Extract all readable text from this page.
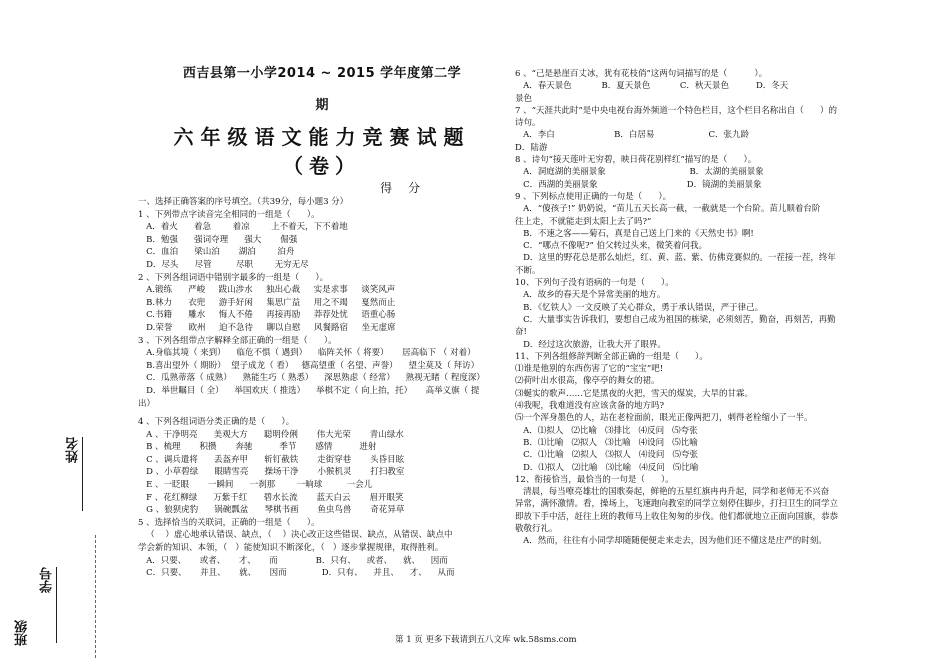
姓名
学号
班级
西吉县第一小学2014 ~ 2015 学年度第二学
期
六年级语文能力竞赛试题
（卷）
得 分
一、选择正确答案的序号填空。（共39分，每小题3 分）
1 、下列带点字读音完全相同的一组是（      ）。
A．着火      着急        着凉        上不着天，下不着地
B．勉强      强词夺理      强大       倔强
C．血泊      梁山泊       湖泊        泊舟
D．尽头      尽管         尽职        无穷无尽
2 、下列各组词语中错别字最多的一组是（      ）。
A.锻练      严峻     跋山涉水     独出心裁     实是求事     谈笑风声
B.林力      衣兜     游手好闲     集思广益     用之不竭     戛然而止
C.书籍      雕水     悔人不倦     再接再励     莽荐处忧     语重心肠
D.荣誉      欧州     迫不急待     聊以自慰     风餐路宿     坐无虚席
3 、下列各组带点字解释全部正确的一组是（      ）。
A.身临其境（ 来到）    临危不惧（ 遇到）    临阵关怀（ 将要）     居高临下 （ 对着）
B.喜出望外（ 期盼）  望子成龙（ 看）   德高望重（ 名望、声誉）    望尘莫及（ 拜访）
C．瓜熟蒂落（ 成熟）    熟能生巧（ 熟悉）    深思熟虑（ 经常）    熟视无睹（ 程度深）
D．举世瞩目（ 全）    举国欢庆（ 推选）    举棋不定（ 向上抬，托）     高举义旗（ 提
出）
4 、下列各组词语分类正确的是（      ）。
A 、干净明亮      美观大方      聪明伶俐       伟大光荣       青山绿水
B 、梳理       积攒       奔驰          季节       感情          进射
C 、调兵遣将      丢盔弃甲      斩钉截铁       走街穿巷       头昏目眩
D 、小草碧绿      眼睛雪亮      操场干净       小猴机灵       打扫教室
E 、一眨眼       一瞬间      一刹那        一晌球         一会儿
F 、花红柳绿      万紫千红      碧水长流       蓝天白云       眉开眼笑
G 、狼狈虎豹      锅碗瓢盆      琴棋书画       鱼虫鸟兽       奇花异草
5 、选择恰当的关联词，正确的一组是（      ）。
（    ）虚心地承认错误、缺点，（    ）决心改正这些错误、缺点，从错误、缺点中
学会新的知识、本领，（   ）能使知识不断深化，（   ）逐步掌握规律，取得胜利。
A．只要、     或者、     才、     而              B．只有、    或者、    就、    因而
C．只要、     并且、     就、     因而             D．只有、    并且、    才、    从而
6 、“己是悬崖百丈冰，犹有花枝俏”这两句词描写的是（          ）。
A．春天景色           B．夏天景色           C．秋天景色          D．冬天
景色
7 、“天涯共此时”是中央电视台海外频道一个特色栏目，这个栏目名称出自（      ）的
诗句。
A．李白                      B．白居易                    C．张九龄
D．陆游
8 、诗句“接天莲叶无穷碧，映日荷花别样红”描写的是（      ）。
A．洞庭湖的美丽景象                               B．太湖的美丽景象
C．西湖的美丽景象                                 D．镜湖的美丽景象
9 、下列标点使用正确的一句是（      ）。
A．“傻孩子!” 奶奶说，“苗儿五天长高一截，一截就是一个台阶。苗儿顺着台阶
往上走，不就能走到太阳上去了吗?”
B．不速之客——菊石，真是自己送上门来的《天然史书》啊!
C．“哪点不像呢?” 伯父转过头来，微笑着问我。
D．这里的野花总是那么灿烂，红、黄、蓝、紫、仿佛竞赛似的。一茬接一茬，终年
不断。
10、下列句子没有语病的一句是（      ）。
A．故乡的春天是个异常美丽的地方。
B．《忆铁人》一文反映了关心群众，勇于承认错误，严于律己。
C．大量事实告诉我们，要想自己成为祖国的栋梁，必须刻苦，勤奋，再刻苦，再勤
奋!
D．经过这次旅游，让我大开了眼界。
11、下列各组修辞判断全部正确的一组是（      ）。
⑴谁是他别的东西伤害了它的“宝宝”吧!
⑵荷叶出水很高，像亭亭的舞女的裙。
⑶蜒实的歌声……它是黑夜的火把，雪天的煤炭，大旱的甘霖。
⑷我呢，我难道没有应该贪备的地方吗?
⑸一个浑身墨色的人，站在老栓面前，眼光正像两把刀，刺得老栓缩小了一半。
A．⑴拟人   ⑵比喻   ⑶排比   ⑷反问   ⑸夸张
B．⑴比喻   ⑵拟人   ⑶比喻   ⑷设问   ⑸比喻
C．⑴比喻   ⑵拟人   ⑶拟人   ⑷设问   ⑸夸张
D．⑴拟人   ⑵比喻   ⑶比喻   ⑷反问   ⑸比喻
12、衔接恰当，最恰当的一句是（      ）。
清晨，每当嘹亮雄壮的国歌奏起，鲜艳的五星红旗冉冉升起，同学和老师无不兴奋
异常，满怀激情。看，操场上，飞速跑向教室的同学立刻停住脚步，打扫卫生的同学立
即放下手中活，赶往上班的教师马上收住匆匆的步伐。他们都就地立正面向国旗，恭恭
敬敬行礼。
A．然而，往往有小同学却随随便便走来走去，因为他们还不懂这是庄严的时刻。
第 1 页 更多下载请到五八文库 wk.58sms.com
